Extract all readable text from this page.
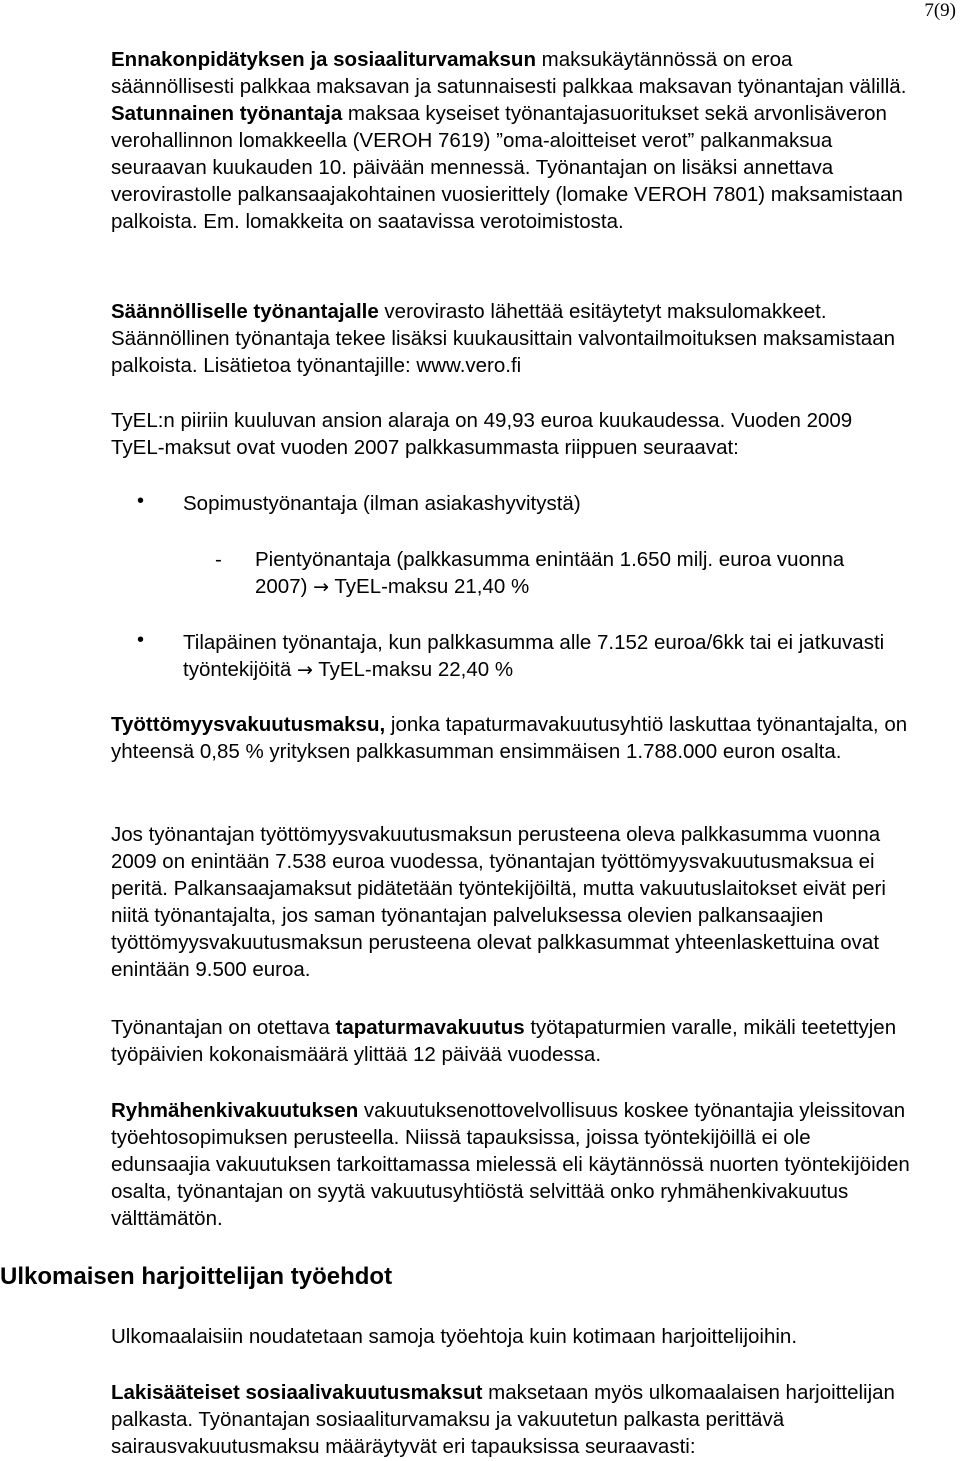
7(9)

Ennakonpidätyksen ja sosiaaliturvamaksun maksukäytännössä on eroa säännöllisesti palkkaa maksavan ja satunnaisesti palkkaa maksavan työnantajan välillä. Satunnainen työnantaja maksaa kyseiset työnantajasuoritukset sekä arvonlisäveron verohallinnon lomakkeella (VEROH 7619) ”oma-aloitteiset verot” palkanmaksua seuraavan kuukauden 10. päivään mennessä. Työnantajan on lisäksi annettava verovirastolle palkansaajakohtainen vuosierittely (lomake VEROH 7801) maksamistaan palkoista. Em. lomakkeita on saatavissa verotoimistosta.

Säännölliselle työnantajalle verovirasto lähettää esitäytetyt maksulomakkeet. Säännöllinen työnantaja tekee lisäksi kuukausittain valvontailmoituksen maksamistaan palkoista. Lisätietoa työnantajille: www.vero.fi

TyEL:n piiriin kuuluvan ansion alaraja on 49,93 euroa kuukaudessa. Vuoden 2009 TyEL-maksut ovat vuoden 2007 palkkasummasta riippuen seuraavat:

• Sopimustyönantaja (ilman asiakashyvitystä)

- Pientyönantaja (palkkasumma enintään 1.650 milj. euroa vuonna 2007) → TyEL-maksu 21,40 %

• Tilapäinen työnantaja, kun palkkasumma alle 7.152 euroa/6kk tai ei jatkuvasti työntekijöitä → TyEL-maksu 22,40 %

Työttömyysvakuutusmaksu, jonka tapaturmavakuutusyhtiö laskuttaa työnantajalta, on yhteensä 0,85 % yrityksen palkkasumman ensimmäisen 1.788.000 euron osalta.

Jos työnantajan työttömyysvakuutusmaksun perusteena oleva palkkasumma vuonna 2009 on enintään 7.538 euroa vuodessa, työnantajan työttömyysvakuutusmaksua ei peritä. Palkansaajamaksut pidätetään työntekijöiltä, mutta vakuutuslaitokset eivät peri niitä työnantajalta, jos saman työnantajan palveluksessa olevien palkansaajien työttömyysvakuutusmaksun perusteena olevat palkkasummat yhteenlaskettuina ovat enintään 9.500 euroa.

Työnantajan on otettava tapaturmavakuutus työtapaturmien varalle, mikäli teetettyjen työpäivien kokonaismäärä ylittää 12 päivää vuodessa.

Ryhmähenkivakuutuksen vakuutuksenottovelvollisuus koskee työnantajia yleissitovan työehtosopimuksen perusteella. Niissä tapauksissa, joissa työntekijöillä ei ole edunsaajia vakuutuksen tarkoittamassa mielessä eli käytännössä nuorten työntekijöiden osalta, työnantajan on syytä vakuutusyhtiöstä selvittää onko ryhmähenkivakuutus välttämätön.

Ulkomaalaisiin noudatetaan samoja työehtoja kuin kotimaan harjoittelijoihin.

Lakisääteiset sosiaalivakuutusmaksut maksetaan myös ulkomaalaisen harjoittelijan palkasta. Työnantajan sosiaaliturvamaksu ja vakuutetun palkasta perittävä sairausvakuutusmaksu määräytyvät eri tapauksissa seuraavasti:

Ulkomaisen harjoittelijan työehdot
